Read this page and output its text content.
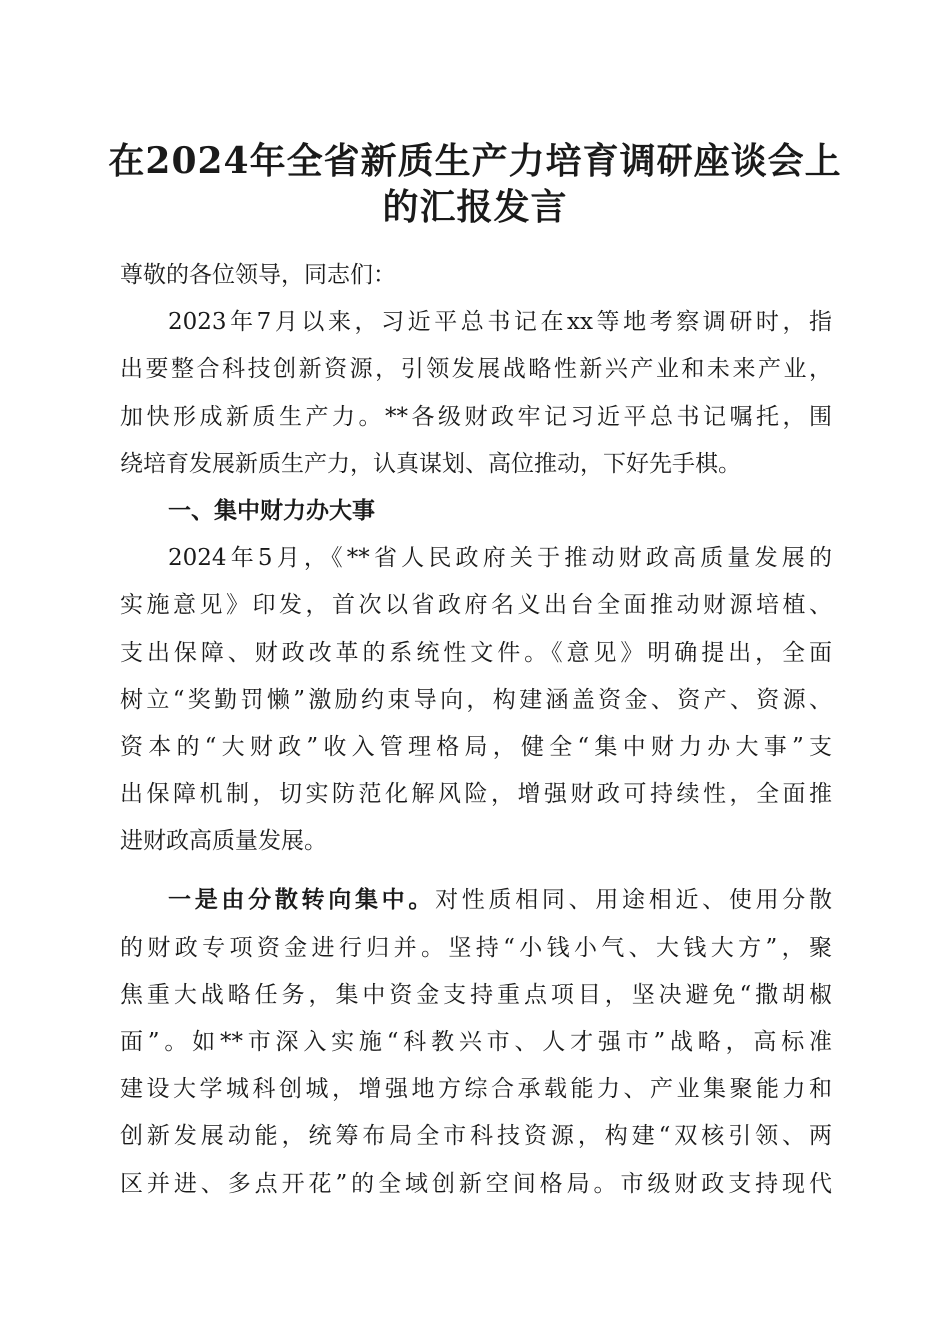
在2024年全省新质生产力培育调研座谈会上
的汇报发言
尊敬的各位领导，同志们：
2023年7月以来，习近平总书记在xx等地考察调研时，指
出要整合科技创新资源，引领发展战略性新兴产业和未来产业，
加快形成新质生产力。**各级财政牢记习近平总书记嘱托，围
绕培育发展新质生产力，认真谋划、高位推动，下好先手棋。
一、集中财力办大事
2024年5月，《**省人民政府关于推动财政高质量发展的
实施意见》印发，首次以省政府名义出台全面推动财源培植、
支出保障、财政改革的系统性文件。《意见》明确提出，全面
树立“奖勤罚懒”激励约束导向，构建涵盖资金、资产、资源、
资本的“大财政”收入管理格局，健全“集中财力办大事”支
出保障机制，切实防范化解风险，增强财政可持续性，全面推
进财政高质量发展。
一是由分散转向集中。对性质相同、用途相近、使用分散
的财政专项资金进行归并。坚持“小钱小气、大钱大方”，聚
焦重大战略任务，集中资金支持重点项目，坚决避免“撒胡椒
面”。如**市深入实施“科教兴市、人才强市”战略，高标准
建设大学城科创城，增强地方综合承载能力、产业集聚能力和
创新发展动能，统筹布局全市科技资源，构建“双核引领、两
区并进、多点开花”的全域创新空间格局。市级财政支持现代
